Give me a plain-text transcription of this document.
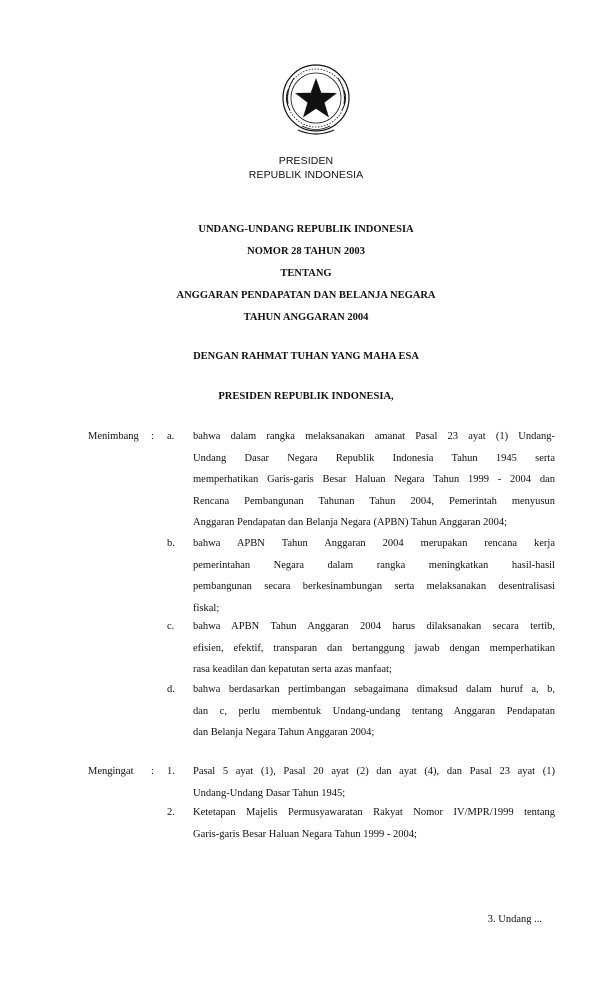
PRESIDEN
REPUBLIK INDONESIA
UNDANG-UNDANG REPUBLIK INDONESIA
NOMOR 28 TAHUN 2003
TENTANG
ANGGARAN PENDAPATAN DAN BELANJA NEGARA
TAHUN ANGGARAN 2004
DENGAN RAHMAT TUHAN YANG MAHA ESA
PRESIDEN REPUBLIK INDONESIA,
Menimbang : a. bahwa dalam rangka melaksanakan amanat Pasal 23 ayat (1) Undang-
Undang Dasar Negara Republik Indonesia Tahun 1945 serta
memperhatikan Garis-garis Besar Haluan Negara Tahun 1999 - 2004 dan
Rencana Pembangunan Tahunan Tahun 2004, Pemerintah menyusun
Anggaran Pendapatan dan Belanja Negara (APBN) Tahun Anggaran 2004;
b. bahwa APBN Tahun Anggaran 2004 merupakan rencana kerja
pemerintahan Negara dalam rangka meningkatkan hasil-hasil
pembangunan secara berkesinambungan serta melaksanakan desentralisasi
fiskal;
c. bahwa APBN Tahun Anggaran 2004 harus dilaksanakan secara tertib,
efisien, efektif, transparan dan bertanggung jawab dengan memperhatikan
rasa keadilan dan kepatutan serta azas manfaat;
d. bahwa berdasarkan pertimbangan sebagaimana dimaksud dalam huruf a, b,
dan c, perlu membentuk Undang-undang tentang Anggaran Pendapatan
dan Belanja Negara Tahun Anggaran 2004;
Mengingat : 1. Pasal 5 ayat (1), Pasal 20 ayat (2) dan ayat (4), dan Pasal 23 ayat (1)
Undang-Undang Dasar Tahun 1945;
2. Ketetapan Majelis Permusyawaratan Rakyat Nomor IV/MPR/1999 tentang
Garis-garis Besar Haluan Negara Tahun 1999 - 2004;
3. Undang ...
